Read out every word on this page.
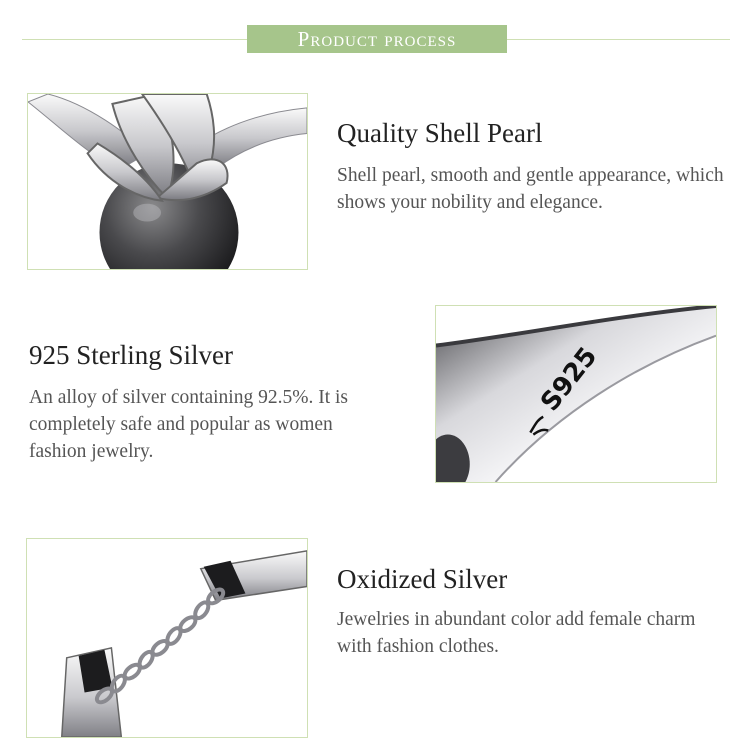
Product process
Quality Shell Pearl
Shell pearl, smooth and gentle appearance, which shows your nobility and elegance.
925 Sterling Silver
An alloy of silver containing 92.5%. It is completely safe and popular as women fashion jewelry.
S925
Oxidized Silver
Jewelries in abundant color add female charm with fashion clothes.
